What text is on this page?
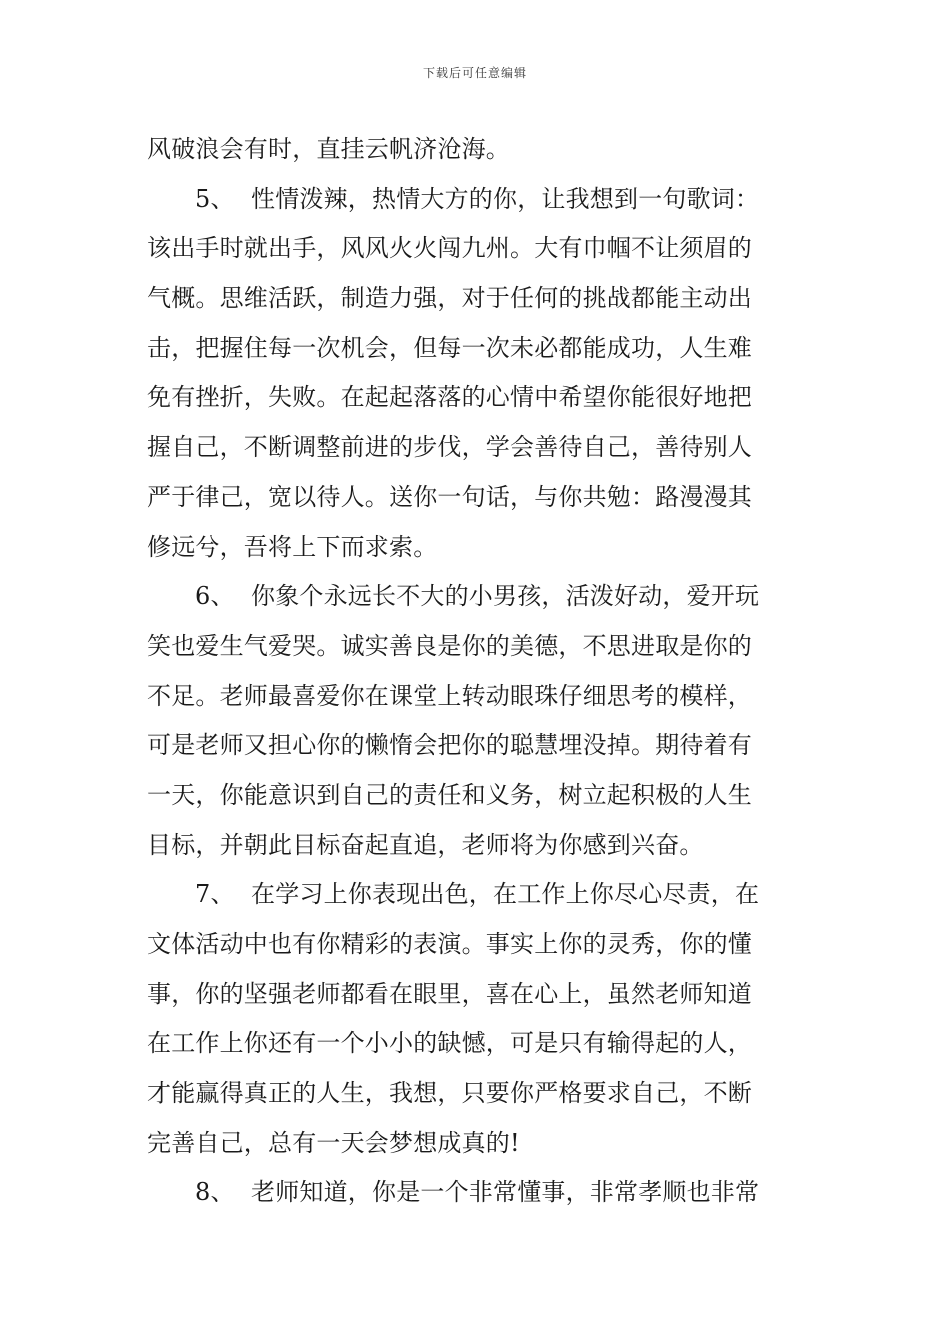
下载后可任意编辑
风破浪会有时，直挂云帆济沧海。
5、 性情泼辣，热情大方的你，让我想到一句歌词：
该出手时就出手，风风火火闯九州。大有巾帼不让须眉的
气概。思维活跃，制造力强，对于任何的挑战都能主动出
击，把握住每一次机会，但每一次未必都能成功，人生难
免有挫折，失败。在起起落落的心情中希望你能很好地把
握自己，不断调整前进的步伐，学会善待自己，善待别人
严于律己，宽以待人。送你一句话，与你共勉：路漫漫其
修远兮，吾将上下而求索。
6、 你象个永远长不大的小男孩，活泼好动，爱开玩
笑也爱生气爱哭。诚实善良是你的美德，不思进取是你的
不足。老师最喜爱你在课堂上转动眼珠仔细思考的模样，
可是老师又担心你的懒惰会把你的聪慧埋没掉。期待着有
一天，你能意识到自己的责任和义务，树立起积极的人生
目标，并朝此目标奋起直追，老师将为你感到兴奋。
7、 在学习上你表现出色，在工作上你尽心尽责，在
文体活动中也有你精彩的表演。事实上你的灵秀，你的懂
事，你的坚强老师都看在眼里，喜在心上，虽然老师知道
在工作上你还有一个小小的缺憾，可是只有输得起的人，
才能赢得真正的人生，我想，只要你严格要求自己，不断
完善自己，总有一天会梦想成真的!
8、 老师知道，你是一个非常懂事，非常孝顺也非常
